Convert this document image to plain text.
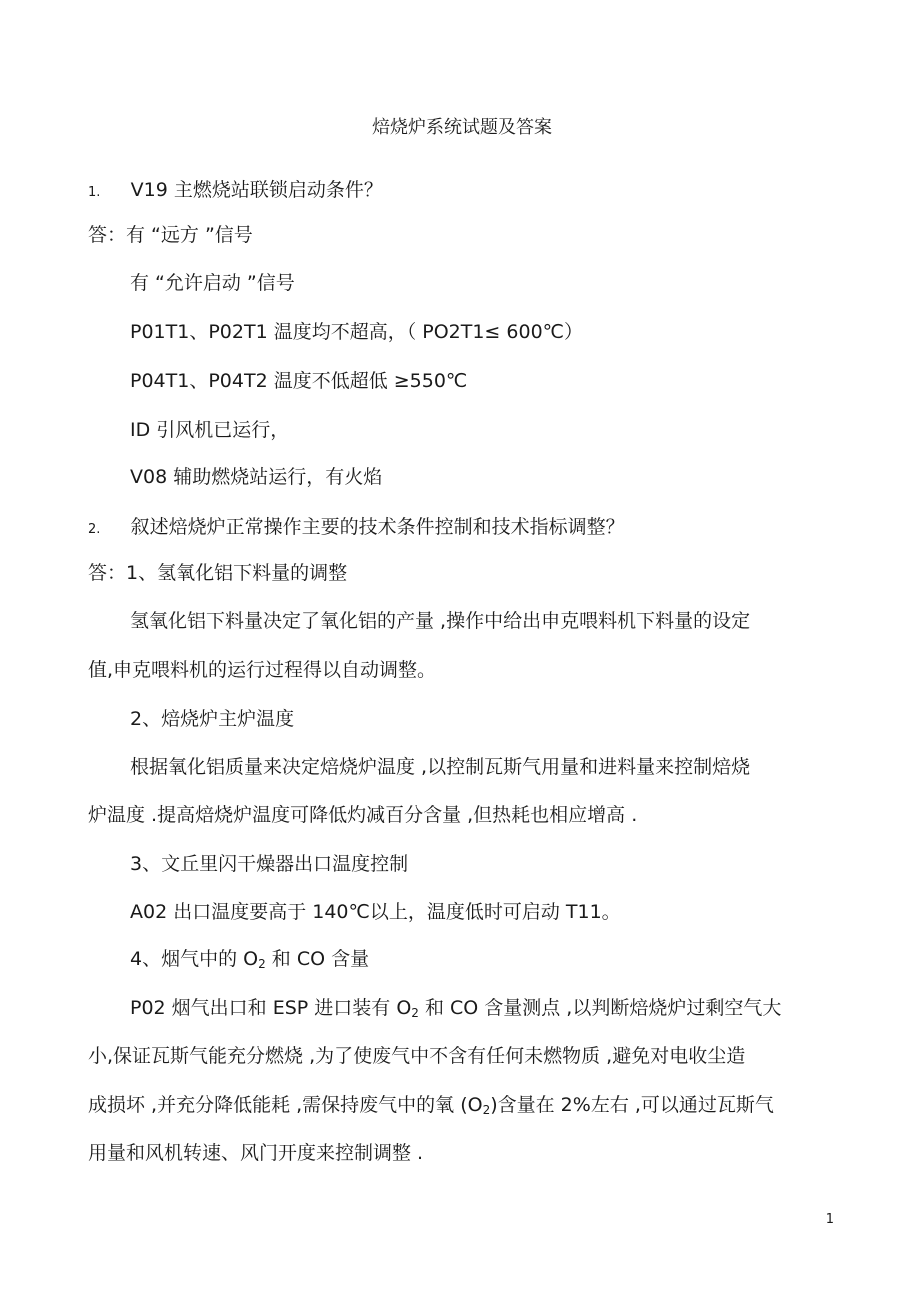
焙烧炉系统试题及答案
1. V19 主燃烧站联锁启动条件？
答：有 “远方 ”信号
有 “允许启动 ”信号
P01T1、P02T1 温度均不超高，（ PO2T1≤ 600℃）
P04T1、P04T2 温度不低超低 ≥550℃
ID 引风机已运行，
V08 辅助燃烧站运行，有火焰
2. 叙述焙烧炉正常操作主要的技术条件控制和技术指标调整？
答：1、氢氧化铝下料量的调整
氢氧化铝下料量决定了氧化铝的产量 ,操作中给出申克喂料机下料量的设定
值,申克喂料机的运行过程得以自动调整。
2、焙烧炉主炉温度
根据氧化铝质量来决定焙烧炉温度 ,以控制瓦斯气用量和进料量来控制焙烧
炉温度 .提高焙烧炉温度可降低灼减百分含量 ,但热耗也相应增高 .
3、文丘里闪干燥器出口温度控制
A02 出口温度要高于 140℃以上，温度低时可启动 T11。
4、烟气中的 $O_2$ 和 CO 含量
P02 烟气出口和 ESP 进口装有 $O_2$ 和 CO 含量测点 ,以判断焙烧炉过剩空气大
小,保证瓦斯气能充分燃烧 ,为了使废气中不含有任何未燃物质 ,避免对电收尘造
成损坏 ,并充分降低能耗 ,需保持废气中的氧 $(O_2)$含量在 2%左右 ,可以通过瓦斯气
用量和风机转速、风门开度来控制调整 .
1
